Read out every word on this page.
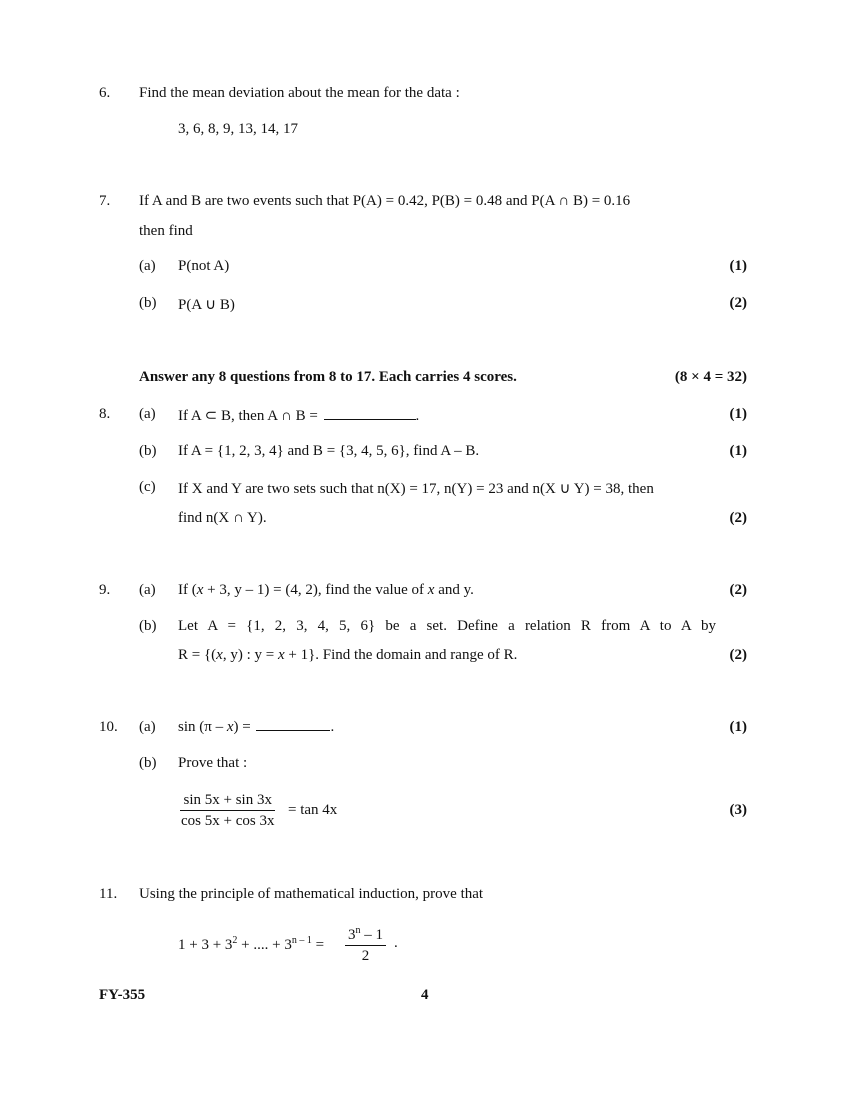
6. Find the mean deviation about the mean for the data :
3, 6, 8, 9, 13, 14, 17
7. If A and B are two events such that P(A) = 0.42, P(B) = 0.48 and P(A ∩ B) = 0.16
then find
(a) P(not A)	(1)
(b) P(A ∪ B)	(2)
Answer any 8 questions from 8 to 17. Each carries 4 scores.	(8 × 4 = 32)
8. (a) If A ⊂ B, then A ∩ B =	.	(1)
(b) If A = {1, 2, 3, 4} and B = {3, 4, 5, 6}, find A – B.	(1)
(c) If X and Y are two sets such that n(X) = 17, n(Y) = 23 and n(X ∪ Y) = 38, then
find n(X ∩ Y).	(2)
9. (a) If (x + 3, y – 1) = (4, 2), find the value of x and y.	(2)
(b) Let A = {1, 2, 3, 4, 5, 6} be a set. Define a relation R from A to A by
R = {(x, y) : y = x + 1}. Find the domain and range of R.	(2)
10. (a) sin (π – x) =	.	(1)
(b) Prove that :
$\frac{\sin 5x + \sin 3x}{\cos 5x + \cos 3x} = \tan 4x$	(3)
11. Using the principle of mathematical induction, prove that
$1 + 3 + 3^2$ + .... + $3^{n - 1} = \frac{3^n - 1}{2}$ .
FY-355	4
